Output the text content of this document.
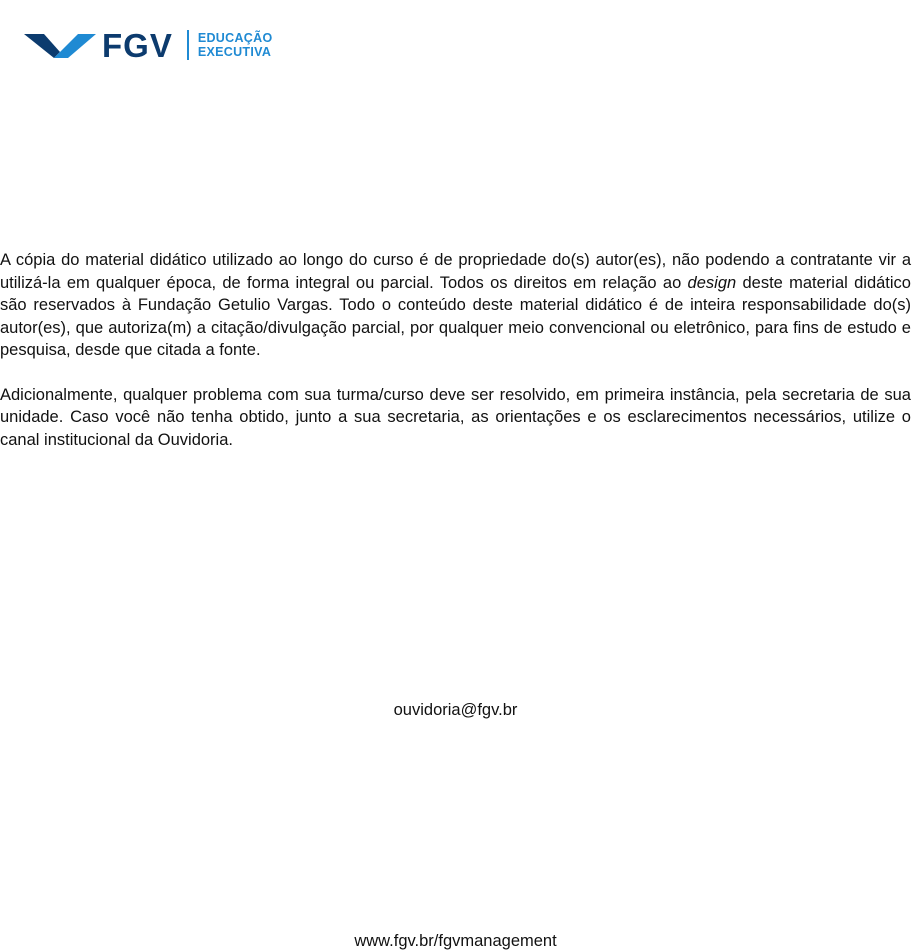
FGV EDUCAÇÃO
EXECUTIVA

A cópia do material didático utilizado ao longo do curso é de propriedade do(s) autor(es), não podendo a contratante vir a utilizá-la em qualquer época, de forma integral ou parcial. Todos os direitos em relação ao design deste material didático são reservados à Fundação Getulio Vargas. Todo o conteúdo deste material didático é de inteira responsabilidade do(s) autor(es), que autoriza(m) a citação/divulgação parcial, por qualquer meio convencional ou eletrônico, para fins de estudo e pesquisa, desde que citada a fonte.

Adicionalmente, qualquer problema com sua turma/curso deve ser resolvido, em primeira instância, pela secretaria de sua unidade. Caso você não tenha obtido, junto a sua secretaria, as orientações e os esclarecimentos necessários, utilize o canal institucional da Ouvidoria.

ouvidoria@fgv.br
www.fgv.br/fgvmanagement
